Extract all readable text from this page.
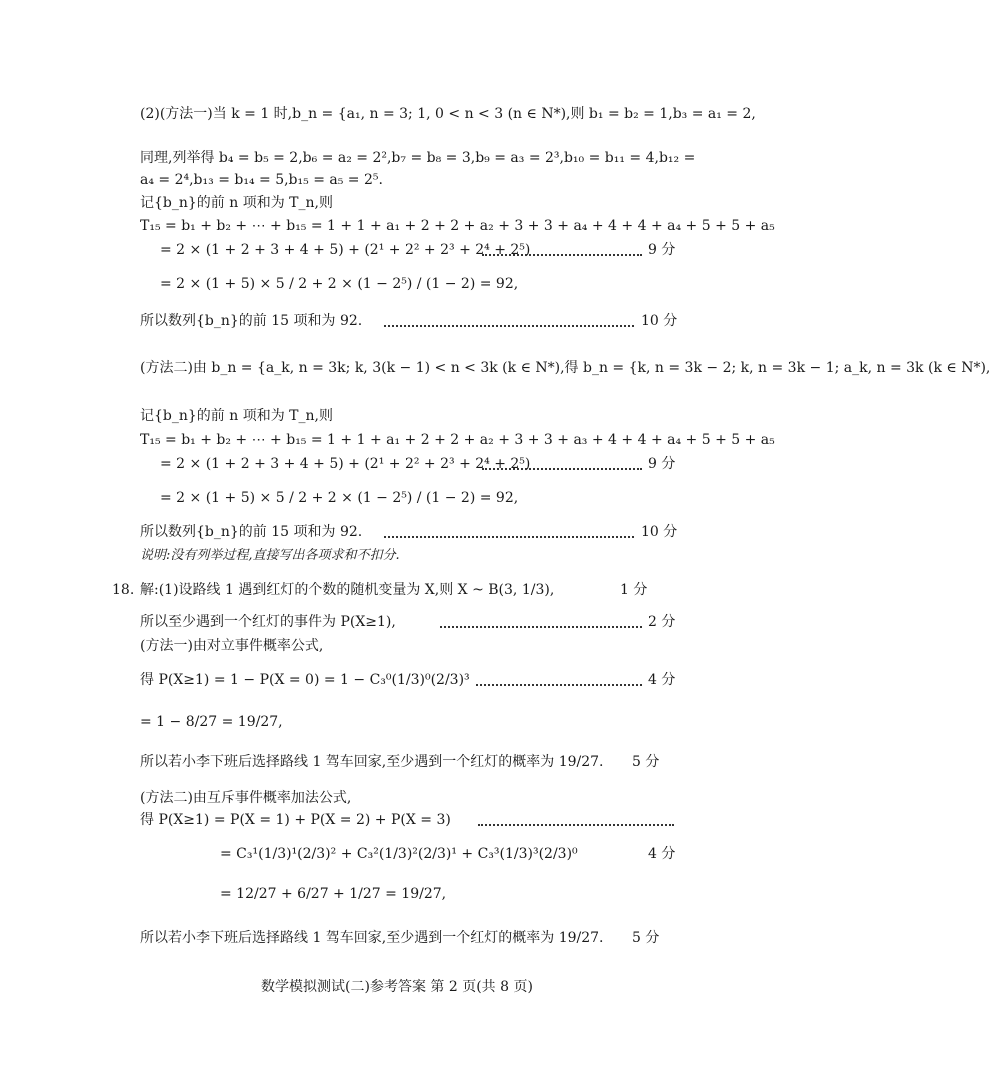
(2)(方法一)当 k = 1 时,b_n = {a₁, n = 3; 1, 0 < n < 3 (n ∈ N*),则 b₁ = b₂ = 1,b₃ = a₁ = 2,
同理,列举得 b₄ = b₅ = 2,b₆ = a₂ = 2²,b₇ = b₈ = 3,b₉ = a₃ = 2³,b₁₀ = b₁₁ = 4,b₁₂ =
a₄ = 2⁴,b₁₃ = b₁₄ = 5,b₁₅ = a₅ = 2⁵.
记{b_n}的前 n 项和为 T_n,则
T₁₅ = b₁ + b₂ + ⋯ + b₁₅ = 1 + 1 + a₁ + 2 + 2 + a₂ + 3 + 3 + a₄ + 4 + 4 + a₄ + 5 + 5 + a₅
= 2 × (1 + 2 + 3 + 4 + 5) + (2¹ + 2² + 2³ + 2⁴ + 2⁵)	9 分
= 2 × (1 + 5) × 5 / 2 + 2 × (1 − 2⁵) / (1 − 2) = 92,
所以数列{b_n}的前 15 项和为 92.	10 分
(方法二)由 b_n = {a_k, n = 3k; k, 3(k − 1) < n < 3k (k ∈ N*),得 b_n = {k, n = 3k − 2; k, n = 3k − 1; a_k, n = 3k (k ∈ N*),
记{b_n}的前 n 项和为 T_n,则
T₁₅ = b₁ + b₂ + ⋯ + b₁₅ = 1 + 1 + a₁ + 2 + 2 + a₂ + 3 + 3 + a₃ + 4 + 4 + a₄ + 5 + 5 + a₅
= 2 × (1 + 2 + 3 + 4 + 5) + (2¹ + 2² + 2³ + 2⁴ + 2⁵)	9 分
= 2 × (1 + 5) × 5 / 2 + 2 × (1 − 2⁵) / (1 − 2) = 92,
所以数列{b_n}的前 15 项和为 92.	10 分
说明:没有列举过程,直接写出各项求和不扣分.
18. 解:(1)设路线 1 遇到红灯的个数的随机变量为 X,则 X ~ B(3, 1/3),	1 分
所以至少遇到一个红灯的事件为 P(X≥1),	2 分
(方法一)由对立事件概率公式,
得 P(X≥1) = 1 − P(X = 0) = 1 − C₃⁰(1/3)⁰(2/3)³	4 分
= 1 − 8/27 = 19/27,
所以若小李下班后选择路线 1 驾车回家,至少遇到一个红灯的概率为 19/27. 5 分
(方法二)由互斥事件概率加法公式,
得 P(X≥1) = P(X = 1) + P(X = 2) + P(X = 3)
= C₃¹(1/3)¹(2/3)² + C₃²(1/3)²(2/3)¹ + C₃³(1/3)³(2/3)⁰	4 分
= 12/27 + 6/27 + 1/27 = 19/27,
所以若小李下班后选择路线 1 驾车回家,至少遇到一个红灯的概率为 19/27. 5 分
数学模拟测试(二)参考答案 第 2 页(共 8 页)
